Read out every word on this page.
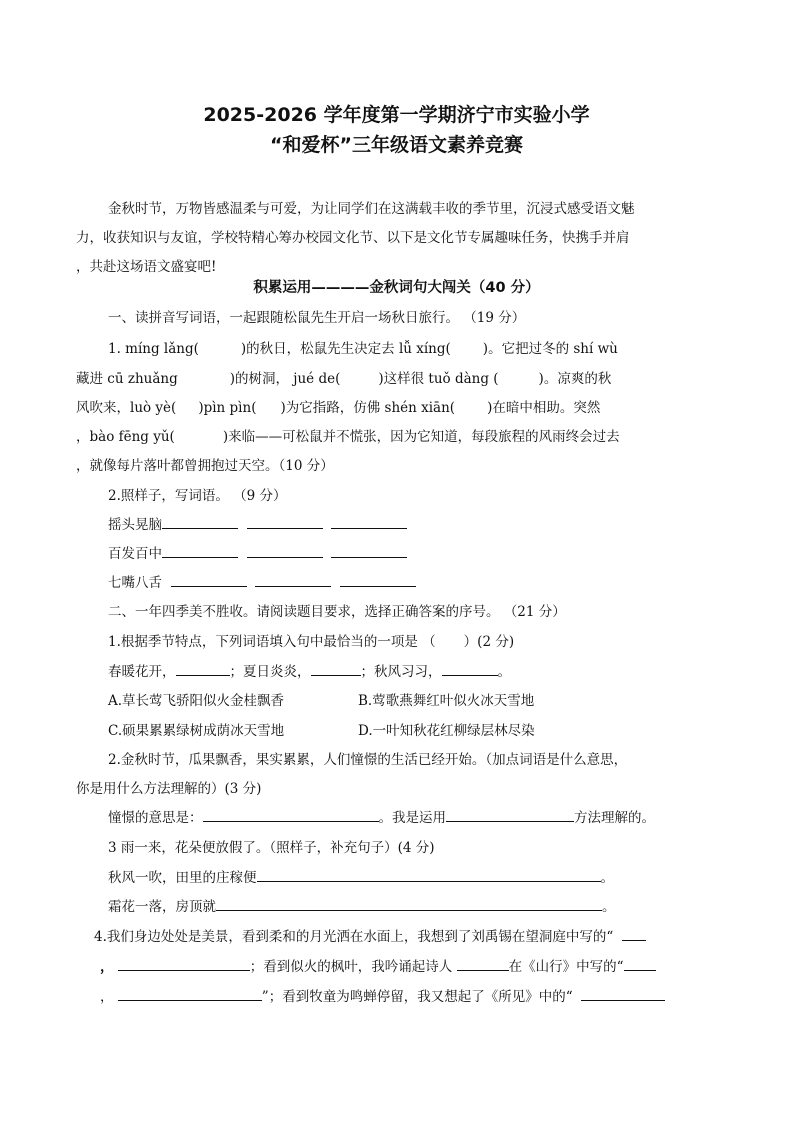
2025-2026 学年度第一学期济宁市实验小学
“和爱杯”三年级语文素养竞赛
金秋时节，万物皆感温柔与可爱，为让同学们在这满载丰收的季节里，沉浸式感受语文魅
力，收获知识与友谊，学校特精心筹办校园文化节、以下是文化节专属趣味任务，快携手并肩
，共赴这场语文盛宴吧!
积累运用————金秋词句大闯关（40 分）
一、读拼音写词语，一起跟随松鼠先生开启一场秋日旅行。 （19 分）
1. míng lǎng(	)的秋日，松鼠先生决定去 lǚ xíng( )。它把过冬的 shí wù
藏进 cū zhuǎng	)的树洞， jué de(	)这样很 tuǒ dàng (	)。凉爽的秋
风吹来，luò yè( )pìn pìn( )为它指路，仿佛 shén xiān( )在暗中相助。突然
，bào fēng yǔ(	)来临——可松鼠并不慌张，因为它知道，每段旅程的风雨终会过去
，就像每片落叶都曾拥抱过天空。（10 分）
2.照样子，写词语。 （9 分）
摇头晃脑
百发百中
七嘴八舌
二、一年四季美不胜收。请阅读题目要求，选择正确答案的序号。 （21 分）
1.根据季节特点，下列词语填入句中最恰当的一项是 （ ）(2 分)
春暖花开，	；夏日炎炎，	；秋风习习，	。
A.草长莺飞骄阳似火金桂飘香	B.莺歌燕舞红叶似火冰天雪地
C.硕果累累绿树成荫冰天雪地	D.一叶知秋花红柳绿层林尽染
2.金秋时节，瓜果飘香，果实累累，人们憧憬的生活已经开始。（加点词语是什么意思，
你是用什么方法理解的）(3 分)
憧憬的意思是：	。我是运用	方法理解的。
3 雨一来，花朵便放假了。（照样子，补充句子）(4 分)
秋风一吹，田里的庄稼便	。
霜花一落，房顶就	。
4.我们身边处处是美景，看到柔和的月光洒在水面上，我想到了刘禹锡在望洞庭中写的“
，	；看到似火的枫叶，我吟诵起诗人	在《山行》中写的“
，	”；看到牧童为鸣蝉停留，我又想起了《所见》中的“
